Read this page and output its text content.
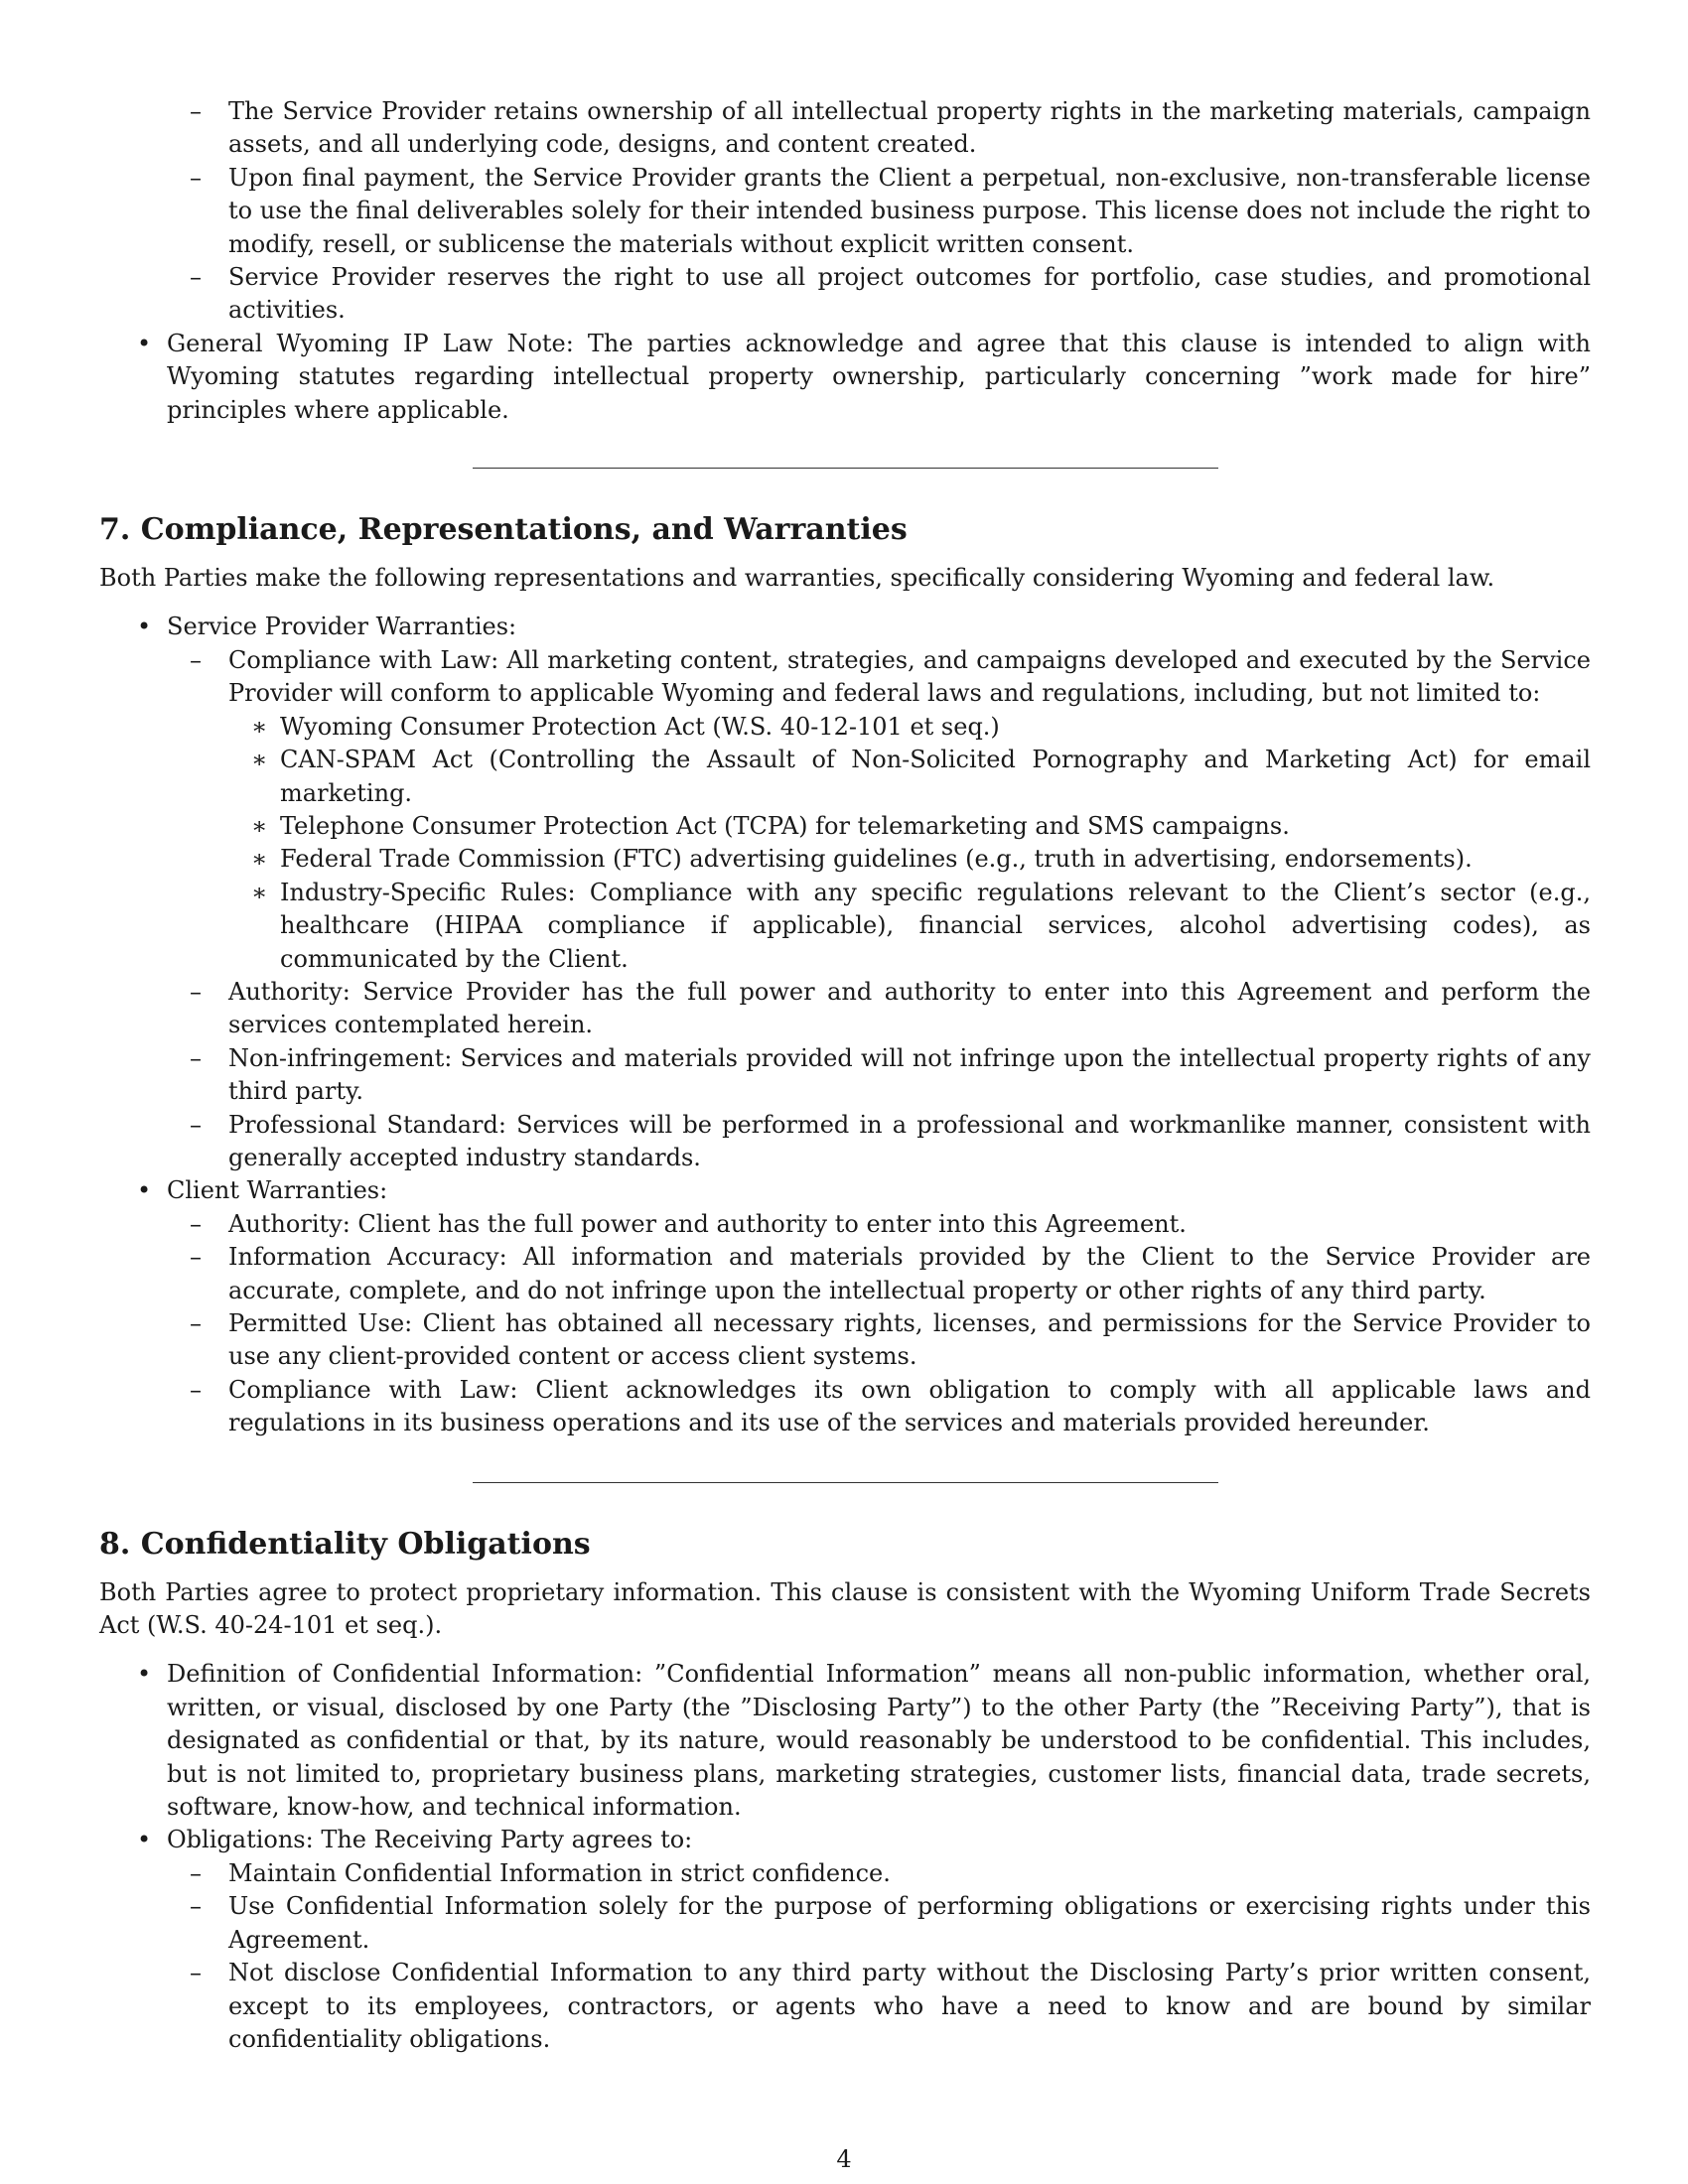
– The Service Provider retains ownership of all intellectual property rights in the marketing materials, campaign assets, and all underlying code, designs, and content created.
– Upon final payment, the Service Provider grants the Client a perpetual, non-exclusive, non-transferable license to use the final deliverables solely for their intended business purpose. This license does not include the right to modify, resell, or sublicense the materials without explicit written consent.
– Service Provider reserves the right to use all project outcomes for portfolio, case studies, and promotional activities.
• General Wyoming IP Law Note: The parties acknowledge and agree that this clause is intended to align with Wyoming statutes regarding intellectual property ownership, particularly concerning ”work made for hire” principles where applicable.
7. Compliance, Representations, and Warranties

Both Parties make the following representations and warranties, specifically considering Wyoming and federal law.

• Service Provider Warranties:
– Compliance with Law: All marketing content, strategies, and campaigns developed and executed by the Service Provider will conform to applicable Wyoming and federal laws and regulations, including, but not limited to:
∗ Wyoming Consumer Protection Act (W.S. 40-12-101 et seq.)
∗ CAN-SPAM Act (Controlling the Assault of Non-Solicited Pornography and Marketing Act) for email marketing.
∗ Telephone Consumer Protection Act (TCPA) for telemarketing and SMS campaigns.
∗ Federal Trade Commission (FTC) advertising guidelines (e.g., truth in advertising, endorsements).
∗ Industry-Specific Rules: Compliance with any specific regulations relevant to the Client’s sector (e.g., healthcare (HIPAA compliance if applicable), financial services, alcohol advertising codes), as communicated by the Client.
– Authority: Service Provider has the full power and authority to enter into this Agreement and perform the services contemplated herein.
– Non-infringement: Services and materials provided will not infringe upon the intellectual property rights of any third party.
– Professional Standard: Services will be performed in a professional and workmanlike manner, consistent with generally accepted industry standards.
• Client Warranties:
– Authority: Client has the full power and authority to enter into this Agreement.
– Information Accuracy: All information and materials provided by the Client to the Service Provider are accurate, complete, and do not infringe upon the intellectual property or other rights of any third party.
– Permitted Use: Client has obtained all necessary rights, licenses, and permissions for the Service Provider to use any client-provided content or access client systems.
– Compliance with Law: Client acknowledges its own obligation to comply with all applicable laws and regulations in its business operations and its use of the services and materials provided hereunder.
8. Confidentiality Obligations

Both Parties agree to protect proprietary information. This clause is consistent with the Wyoming Uniform Trade Secrets Act (W.S. 40-24-101 et seq.).

• Definition of Confidential Information: ”Confidential Information” means all non-public information, whether oral, written, or visual, disclosed by one Party (the ”Disclosing Party”) to the other Party (the ”Receiving Party”), that is designated as confidential or that, by its nature, would reasonably be understood to be confidential. This includes, but is not limited to, proprietary business plans, marketing strategies, customer lists, financial data, trade secrets, software, know-how, and technical information.
• Obligations: The Receiving Party agrees to:
– Maintain Confidential Information in strict confidence.
– Use Confidential Information solely for the purpose of performing obligations or exercising rights under this Agreement.
– Not disclose Confidential Information to any third party without the Disclosing Party’s prior written consent, except to its employees, contractors, or agents who have a need to know and are bound by similar confidentiality obligations.
4
